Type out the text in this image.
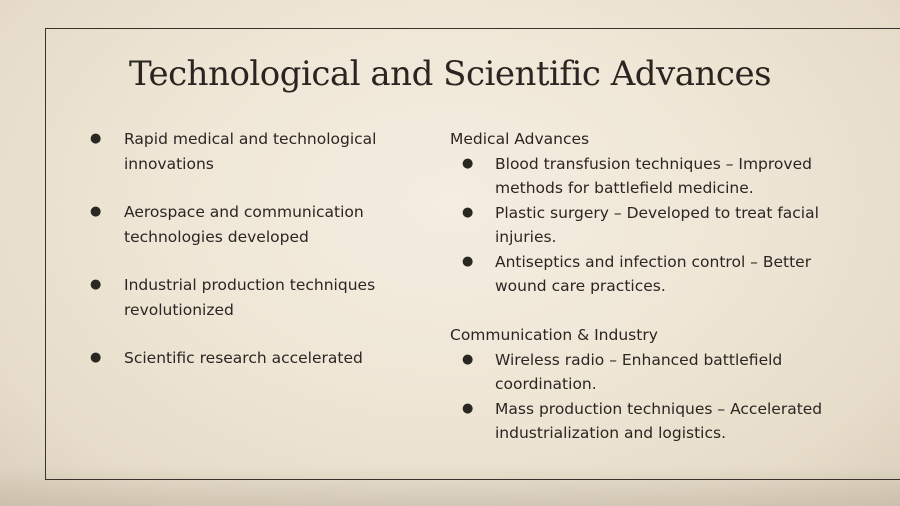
Technological and Scientific Advances
● Rapid medical and technological innovations
● Aerospace and communication technologies developed
● Industrial production techniques revolutionized
● Scientific research accelerated

Medical Advances

● Blood transfusion techniques – Improved methods for battlefield medicine.
● Plastic surgery – Developed to treat facial injuries.
● Antiseptics and infection control – Better wound care practices.

Communication & Industry

● Wireless radio – Enhanced battlefield coordination.
● Mass production techniques – Accelerated industrialization and logistics.
